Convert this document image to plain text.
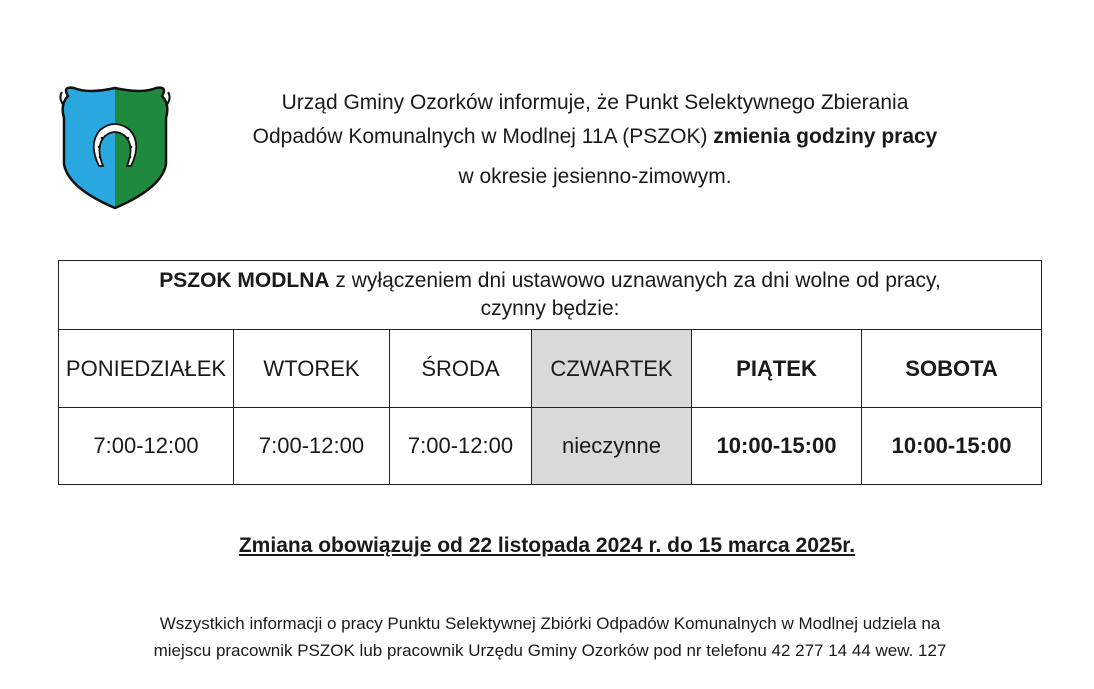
Urząd Gminy Ozorków informuje, że Punkt Selektywnego Zbierania
Odpadów Komunalnych w Modlnej 11A (PSZOK) zmienia godziny pracy
w okresie jesienno-zimowym.
PSZOK MODLNA z wyłączeniem dni ustawowo uznawanych za dni wolne od pracy,
czynny będzie:					

PONIEDZIAŁEK	WTOREK	ŚRODA	CZWARTEK	PIĄTEK	SOBOTA
7:00-12:00	7:00-12:00	7:00-12:00	nieczynne	10:00-15:00	10:00-15:00
Zmiana obowiązuje od 22 listopada 2024 r. do 15 marca 2025r.
Wszystkich informacji o pracy Punktu Selektywnej Zbiórki Odpadów Komunalnych w Modlnej udziela na
miejscu pracownik PSZOK lub pracownik Urzędu Gminy Ozorków pod nr telefonu 42 277 14 44 wew. 127
